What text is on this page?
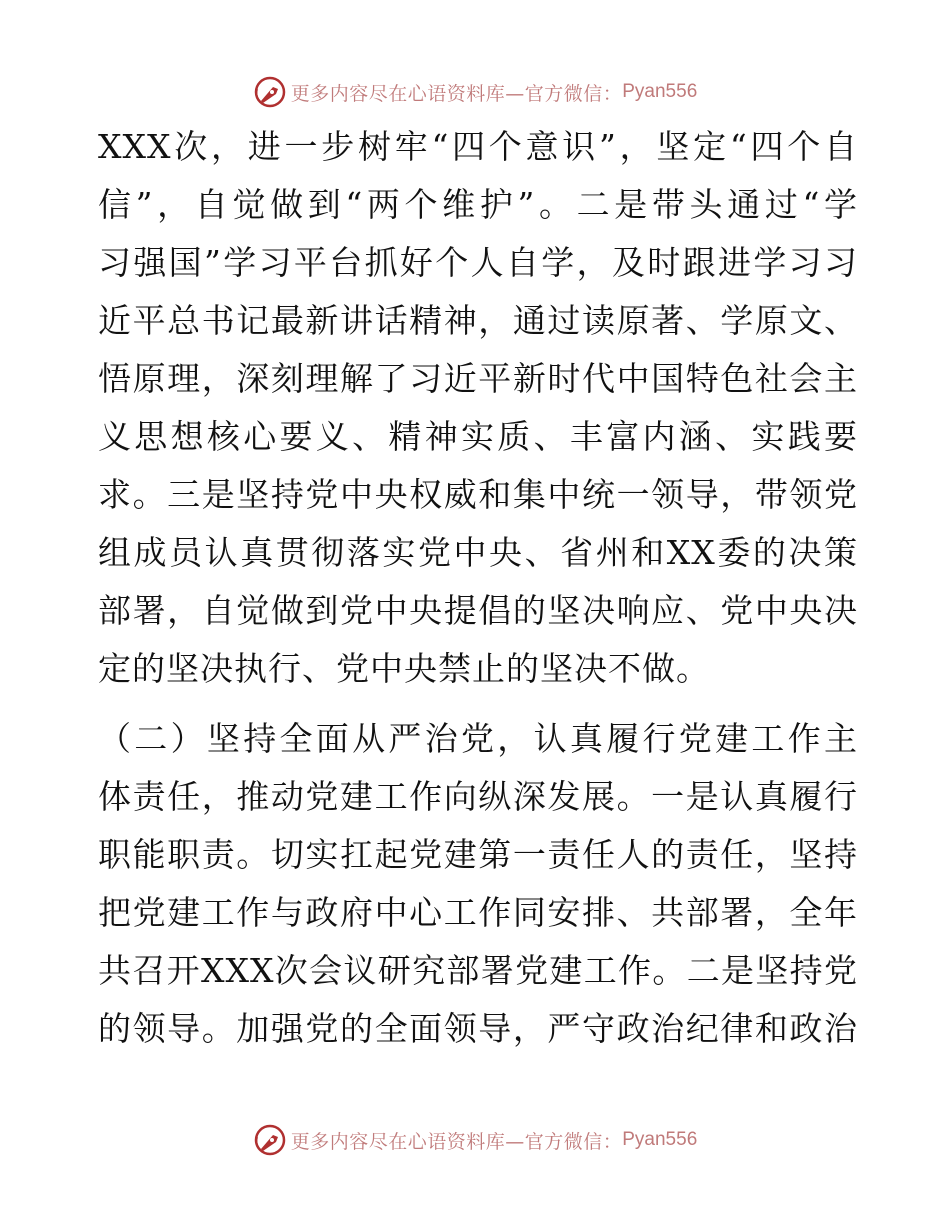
更多内容尽在心语资料库—官方微信： Pyan556
XXX次，进一步树牢“四个意识”，坚定“四个自
信”，自觉做到“两个维护”。二是带头通过“学
习强国”学习平台抓好个人自学，及时跟进学习习
近平总书记最新讲话精神，通过读原著、学原文、
悟原理，深刻理解了习近平新时代中国特色社会主
义思想核心要义、精神实质、丰富内涵、实践要
求。三是坚持党中央权威和集中统一领导，带领党
组成员认真贯彻落实党中央、省州和XX委的决策
部署，自觉做到党中央提倡的坚决响应、党中央决
定的坚决执行、党中央禁止的坚决不做。
（二）坚持全面从严治党，认真履行党建工作主
体责任，推动党建工作向纵深发展。一是认真履行
职能职责。切实扛起党建第一责任人的责任，坚持
把党建工作与政府中心工作同安排、共部署，全年
共召开XXX次会议研究部署党建工作。二是坚持党
的领导。加强党的全面领导，严守政治纪律和政治
更多内容尽在心语资料库—官方微信： Pyan556
